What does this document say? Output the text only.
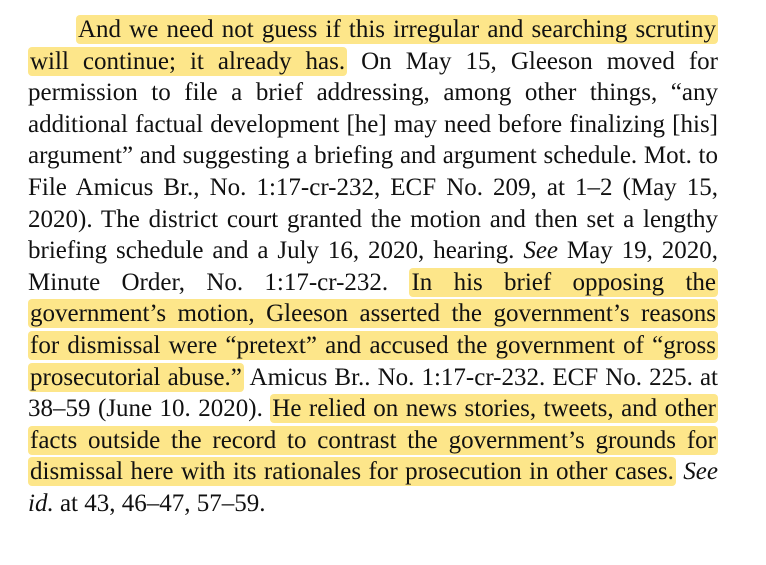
And we need not guess if this irregular and searching scrutiny will continue; it already has. On May 15, Gleeson moved for permission to file a brief addressing, among other things, “any additional factual development [he] may need before finalizing [his] argument” and suggesting a briefing and argument schedule. Mot. to File Amicus Br., No. 1:17-cr-232, ECF No. 209, at 1–2 (May 15, 2020). The district court granted the motion and then set a lengthy briefing schedule and a July 16, 2020, hearing. See May 19, 2020, Minute Order, No. 1:17-cr-232. In his brief opposing the government’s motion, Gleeson asserted the government’s reasons for dismissal were “pretext” and accused the government of “gross prosecutorial abuse.” Amicus Br.. No. 1:17-cr-232. ECF No. 225. at 38–59 (June 10. 2020). He relied on news stories, tweets, and other facts outside the record to contrast the government’s grounds for dismissal here with its rationales for prosecution in other cases. See id. at 43, 46–47, 57–59.
